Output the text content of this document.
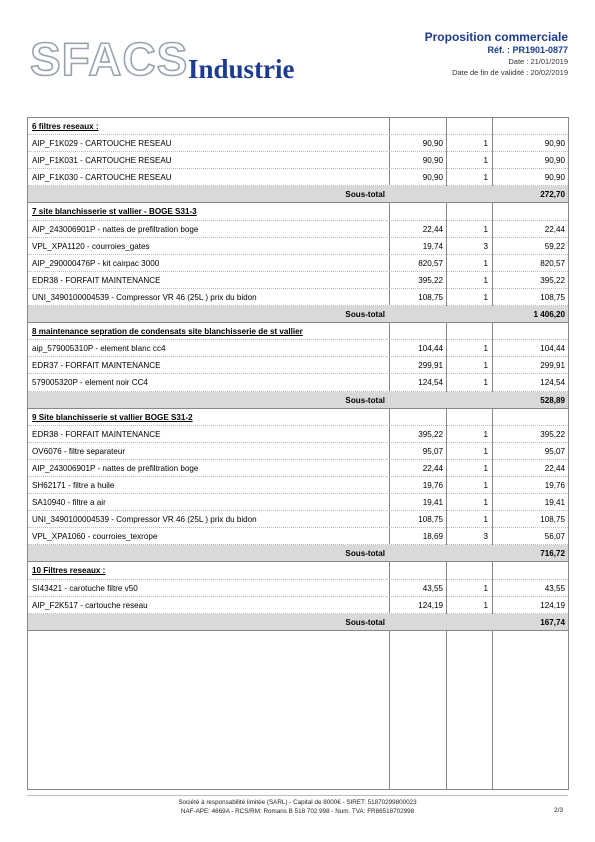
SFACS Industrie
Proposition commerciale
Réf. : PR1901-0877
Date : 21/01/2019
Date de fin de validité : 20/02/2019
6 filtres reseaux :
AIP_F1K029 - CARTOUCHE RESEAU	90,90	1	90,90
AIP_F1K031 - CARTOUCHE RESEAU	90,90	1	90,90
AIP_F1K030 - CARTOUCHE RESEAU	90,90	1	90,90
Sous-total	272,70
7 site blanchisserie st vallier - BOGE S31-3
AIP_243006901P - nattes de prefiltration boge	22,44	1	22,44
VPL_XPA1120 - courroies_gates	19,74	3	59,22
AIP_290000476P - kit cairpac 3000	820,57	1	820,57
EDR38 - FORFAIT MAINTENANCE	395,22	1	395,22
UNI_3490100004539 - Compressor VR 46 (25L ) prix du bidon	108,75	1	108,75
Sous-total	1 406,20
8 maintenance sepration de condensats site blanchisserie de st vallier
aip_579005310P - element blanc cc4	104,44	1	104,44
EDR37 - FORFAIT MAINTENANCE	299,91	1	299,91
579005320P - element noir CC4	124,54	1	124,54
Sous-total	528,89
9 Site blanchisserie st vallier BOGE S31-2
EDR38 - FORFAIT MAINTENANCE	395,22	1	395,22
OV6076 - filtre separateur	95,07	1	95,07
AIP_243006901P - nattes de prefiltration boge	22,44	1	22,44
SH62171 - filtre a huile	19,76	1	19,76
SA10940 - filtre a air	19,41	1	19,41
UNI_3490100004539 - Compressor VR 46 (25L ) prix du bidon	108,75	1	108,75
VPL_XPA1060 - courroies_texrope	18,69	3	56,07
Sous-total	716,72
10 Filtres reseaux :
SI43421 - carotuche filtre v50	43,55	1	43,55
AIP_F2K517 - cartouche reseau	124,19	1	124,19
Sous-total	167,74
Société à responsabilité limitée (SARL) - Capital de 8000€ - SIRET: 51870299800023
NAF-APE: 4669A - RCS/RM: Romans B 518 702 998 - Num. TVA: FR86518702998	2/3
